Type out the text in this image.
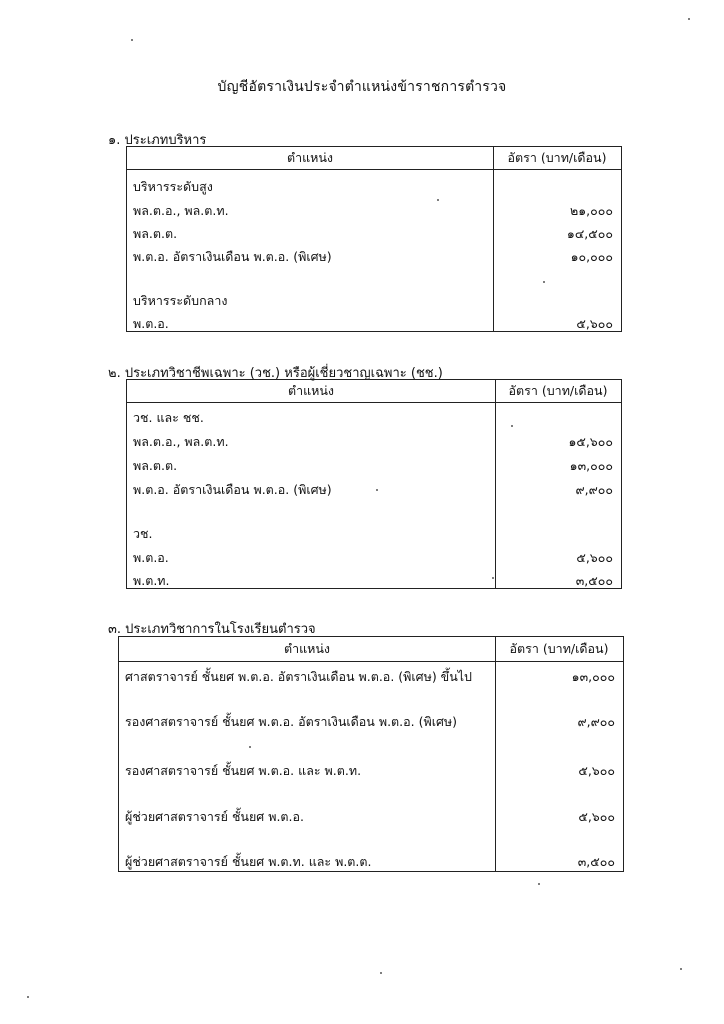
บัญชีอัตราเงินประจำตำแหน่งข้าราชการตำรวจ
๑. ประเภทบริหาร
ตำแหน่ง	อัตรา (บาท/เดือน)
บริหารระดับสูง
พล.ต.อ., พล.ต.ท.	๒๑,๐๐๐
พล.ต.ต.	๑๔,๕๐๐
พ.ต.อ. อัตราเงินเดือน พ.ต.อ. (พิเศษ)	๑๐,๐๐๐
บริหารระดับกลาง
พ.ต.อ.	๕,๖๐๐
๒. ประเภทวิชาชีพเฉพาะ (วช.) หรือผู้เชี่ยวชาญเฉพาะ (ชช.)
ตำแหน่ง	อัตรา (บาท/เดือน)
วช. และ ชช.
พล.ต.อ., พล.ต.ท.	๑๕,๖๐๐
พล.ต.ต.	๑๓,๐๐๐
พ.ต.อ. อัตราเงินเดือน พ.ต.อ. (พิเศษ)	๙,๙๐๐
วช.
พ.ต.อ.	๕,๖๐๐
พ.ต.ท.	๓,๕๐๐
๓. ประเภทวิชาการในโรงเรียนตำรวจ
ตำแหน่ง	อัตรา (บาท/เดือน)
ศาสตราจารย์ ชั้นยศ พ.ต.อ. อัตราเงินเดือน พ.ต.อ. (พิเศษ) ขึ้นไป	๑๓,๐๐๐
รองศาสตราจารย์ ชั้นยศ พ.ต.อ. อัตราเงินเดือน พ.ต.อ. (พิเศษ)	๙,๙๐๐
รองศาสตราจารย์ ชั้นยศ พ.ต.อ. และ พ.ต.ท.	๕,๖๐๐
ผู้ช่วยศาสตราจารย์ ชั้นยศ พ.ต.อ.	๕,๖๐๐
ผู้ช่วยศาสตราจารย์ ชั้นยศ พ.ต.ท. และ พ.ต.ต.	๓,๕๐๐
